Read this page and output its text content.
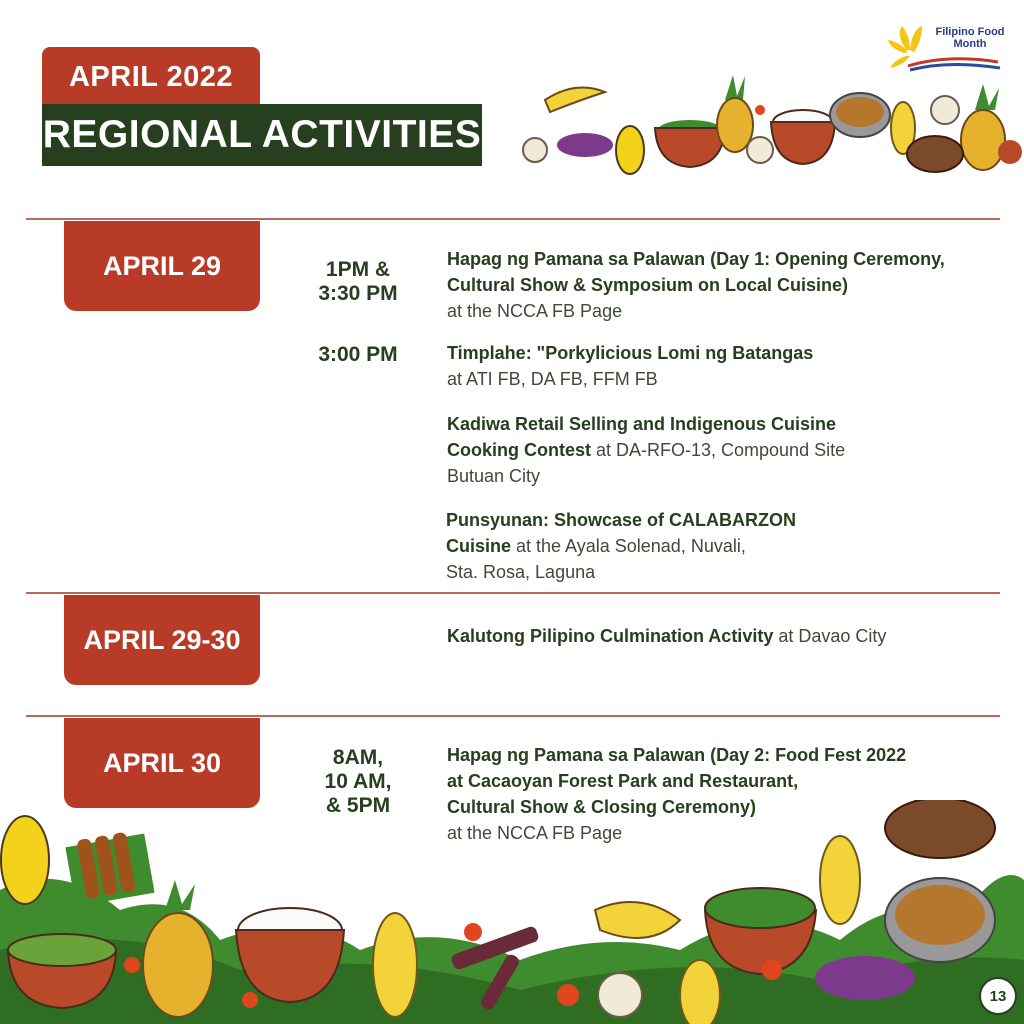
APRIL 2022
REGIONAL ACTIVITIES
Filipino Food
Month
APRIL 29	1PM &
3:30 PM
Hapag ng Pamana sa Palawan (Day 1: Opening Ceremony,
Cultural Show & Symposium on Local Cuisine)
at the NCCA FB Page
3:00 PM	Timplahe: "Porkylicious Lomi ng Batangas
at ATI FB, DA FB, FFM FB
Kadiwa Retail Selling and Indigenous Cuisine
Cooking Contest at DA-RFO-13, Compound Site
Butuan City
Punsyunan: Showcase of CALABARZON
Cuisine at the Ayala Solenad, Nuvali,
Sta. Rosa, Laguna
APRIL 29-30	Kalutong Pilipino Culmination Activity at Davao City
APRIL 30	8AM,
10 AM,
& 5PM
Hapag ng Pamana sa Palawan (Day 2: Food Fest 2022
at Cacaoyan Forest Park and Restaurant,
Cultural Show & Closing Ceremony)
at the NCCA FB Page
13
